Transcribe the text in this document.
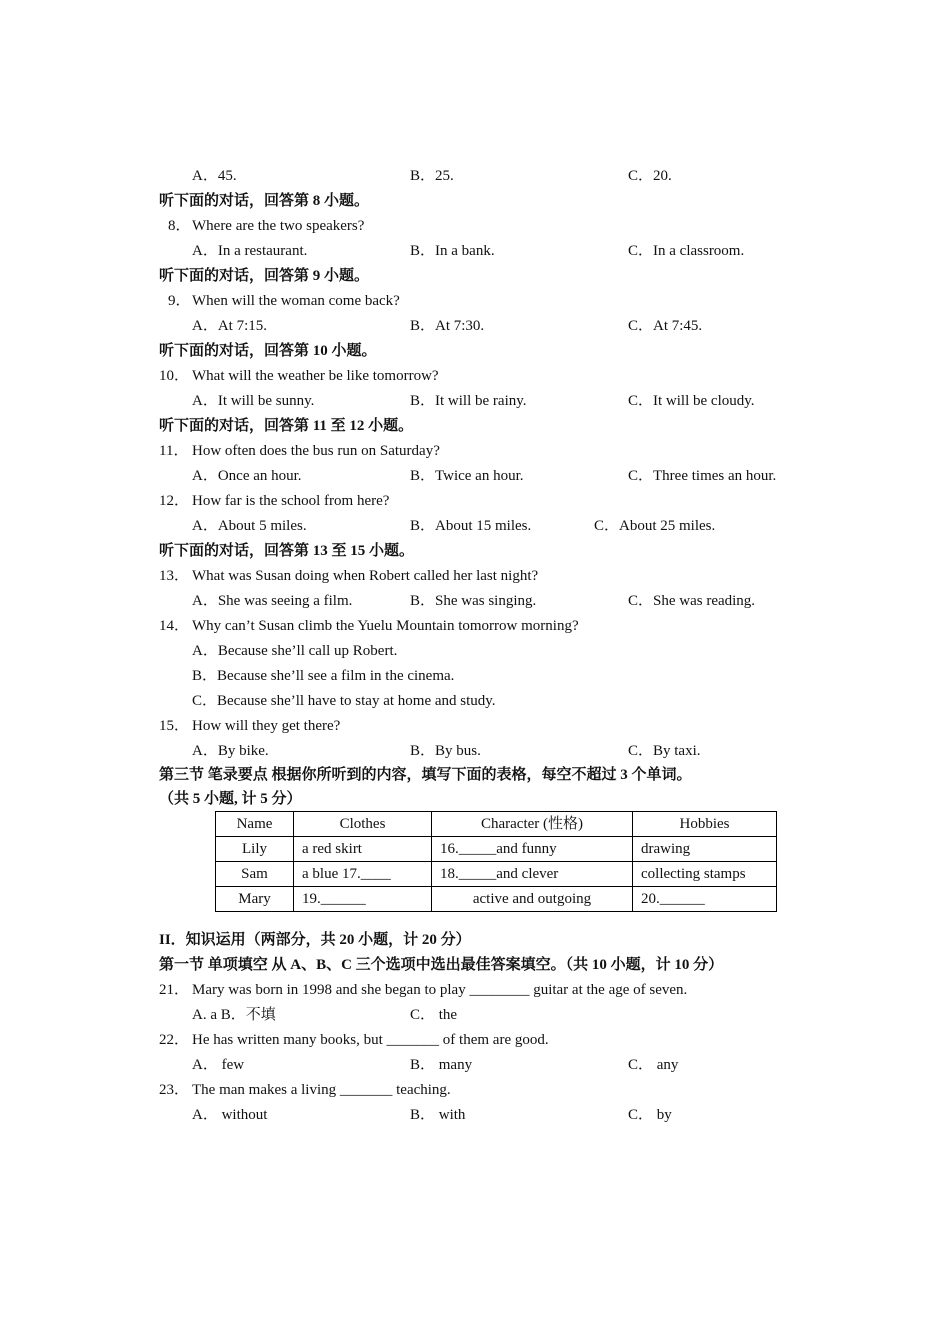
A．45.	B．25.	C．20.
听下面的对话，回答第 8 小题。
8． Where are the two speakers?
A．In a restaurant.	B．In a bank.	C．In a classroom.
听下面的对话，回答第 9 小题。
9． When will the woman come back?
A．At 7:15.	B．At 7:30.	C．At 7:45.
听下面的对话，回答第 10 小题。
10． What will the weather be like tomorrow?
A．It will be sunny.	B．It will be rainy.	C．It will be cloudy.
听下面的对话，回答第 11 至 12 小题。
11． How often does the bus run on Saturday?
A．Once an hour.	B．Twice an hour.	C．Three times an hour.
12． How far is the school from here?
A．About 5 miles.	B．About 15 miles.	C．About 25 miles.
听下面的对话，回答第 13 至 15 小题。
13． What was Susan doing when Robert called her last night?
A．She was seeing a film.	B．She was singing.	C．She was reading.
14． Why can’t Susan climb the Yuelu Mountain tomorrow morning?
A．Because she’ll call up Robert.
B．Because she’ll see a film in the cinema.
C．Because she’ll have to stay at home and study.
15． How will they get there?
A．By bike.	B．By bus.	C．By taxi.
第三节 笔录要点 根据你所听到的内容，填写下面的表格，每空不超过 3 个单词。
（共 5 小题, 计 5 分）
Name	Clothes	Character (性格)	Hobbies
Lily	a red skirt	16._____and funny	drawing
Sam	a blue 17.____	18._____and clever	collecting stamps
Mary	19.______	active and outgoing	20.______
II．知识运用（两部分，共 20 小题，计 20 分）
第一节 单项填空 从 A、B、C 三个选项中选出最佳答案填空。（共 10 小题，计 10 分）
21． Mary was born in 1998 and she began to play ________ guitar at the age of seven.
A. a B．不填	C． the
22． He has written many books, but _______ of them are good.
A． few	B． many	C． any
23． The man makes a living _______ teaching.
A． without	B． with	C． by
